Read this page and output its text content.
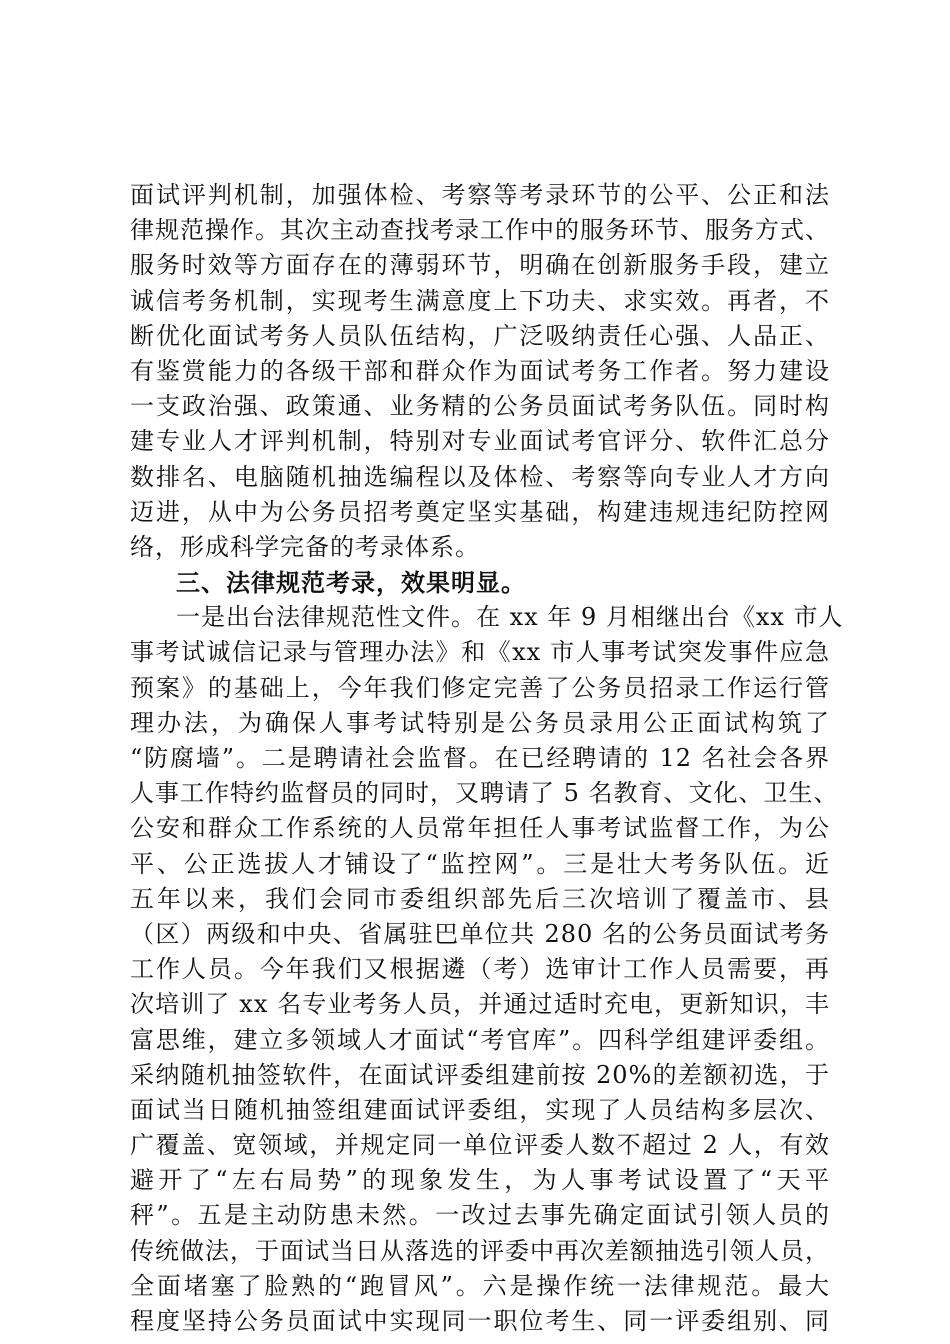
面试评判机制，加强体检、考察等考录环节的公平、公正和法
律规范操作。其次主动查找考录工作中的服务环节、服务方式、
服务时效等方面存在的薄弱环节，明确在创新服务手段，建立
诚信考务机制，实现考生满意度上下功夫、求实效。再者，不
断优化面试考务人员队伍结构，广泛吸纳责任心强、人品正、
有鉴赏能力的各级干部和群众作为面试考务工作者。努力建设
一支政治强、政策通、业务精的公务员面试考务队伍。同时构
建专业人才评判机制，特别对专业面试考官评分、软件汇总分
数排名、电脑随机抽选编程以及体检、考察等向专业人才方向
迈进，从中为公务员招考奠定坚实基础，构建违规违纪防控网
络，形成科学完备的考录体系。
三、法律规范考录，效果明显。
一是出台法律规范性文件。在 xx 年 9 月相继出台《xx 市人
事考试诚信记录与管理办法》和《xx 市人事考试突发事件应急
预案》的基础上，今年我们修定完善了公务员招录工作运行管
理办法，为确保人事考试特别是公务员录用公正面试构筑了
“防腐墙”。二是聘请社会监督。在已经聘请的 12 名社会各界
人事工作特约监督员的同时，又聘请了 5 名教育、文化、卫生、
公安和群众工作系统的人员常年担任人事考试监督工作，为公
平、公正选拔人才铺设了“监控网”。三是壮大考务队伍。近
五年以来，我们会同市委组织部先后三次培训了覆盖市、县
（区）两级和中央、省属驻巴单位共 280 名的公务员面试考务
工作人员。今年我们又根据遴（考）选审计工作人员需要，再
次培训了 xx 名专业考务人员，并通过适时充电，更新知识，丰
富思维，建立多领域人才面试“考官库”。四科学组建评委组。
采纳随机抽签软件，在面试评委组建前按 20%的差额初选，于
面试当日随机抽签组建面试评委组，实现了人员结构多层次、
广覆盖、宽领域，并规定同一单位评委人数不超过 2 人，有效
避开了“左右局势”的现象发生，为人事考试设置了“天平
秤”。五是主动防患未然。一改过去事先确定面试引领人员的
传统做法，于面试当日从落选的评委中再次差额抽选引领人员，
全面堵塞了脸熟的“跑冒风”。六是操作统一法律规范。最大
程度坚持公务员面试中实现同一职位考生、同一评委组别、同
